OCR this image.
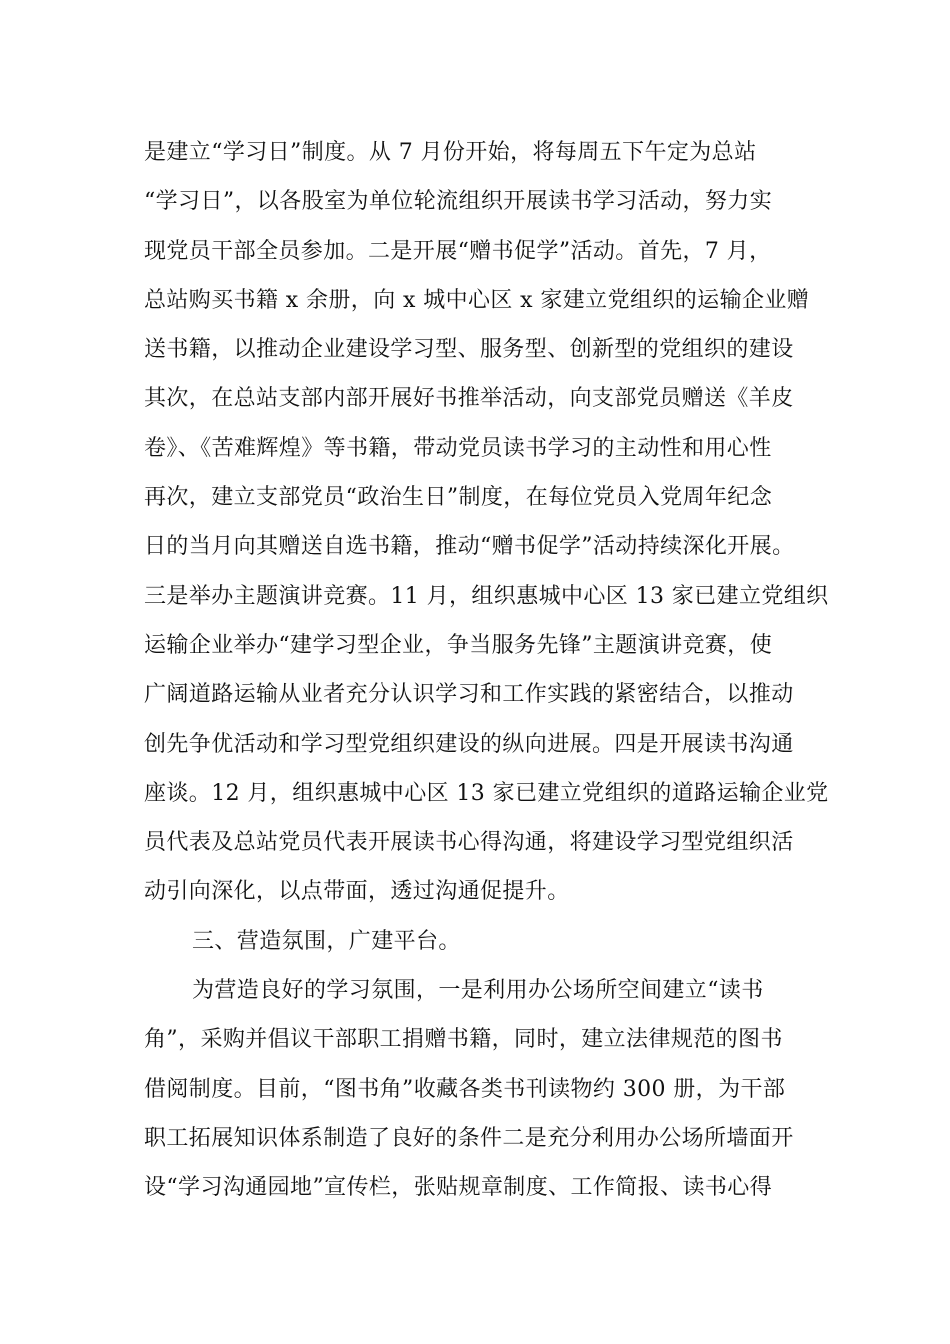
是建立“学习日”制度。从 7 月份开始，将每周五下午定为总站
“学习日”，以各股室为单位轮流组织开展读书学习活动，努力实
现党员干部全员参加。二是开展“赠书促学”活动。首先，7 月，
总站购买书籍 x 余册，向 x 城中心区 x 家建立党组织的运输企业赠
送书籍，以推动企业建设学习型、服务型、创新型的党组织的建设
其次，在总站支部内部开展好书推举活动，向支部党员赠送《羊皮
卷》、《苦难辉煌》等书籍，带动党员读书学习的主动性和用心性
再次，建立支部党员“政治生日”制度，在每位党员入党周年纪念
日的当月向其赠送自选书籍，推动“赠书促学”活动持续深化开展。
三是举办主题演讲竞赛。11 月，组织惠城中心区 13 家已建立党组织
运输企业举办“建学习型企业，争当服务先锋”主题演讲竞赛，使
广阔道路运输从业者充分认识学习和工作实践的紧密结合，以推动
创先争优活动和学习型党组织建设的纵向进展。四是开展读书沟通
座谈。12 月，组织惠城中心区 13 家已建立党组织的道路运输企业党
员代表及总站党员代表开展读书心得沟通，将建设学习型党组织活
动引向深化，以点带面，透过沟通促提升。
三、营造氛围，广建平台。
为营造良好的学习氛围，一是利用办公场所空间建立“读书
角”，采购并倡议干部职工捐赠书籍，同时，建立法律规范的图书
借阅制度。目前，“图书角”收藏各类书刊读物约 300 册，为干部
职工拓展知识体系制造了良好的条件二是充分利用办公场所墙面开
设“学习沟通园地”宣传栏，张贴规章制度、工作简报、读书心得
